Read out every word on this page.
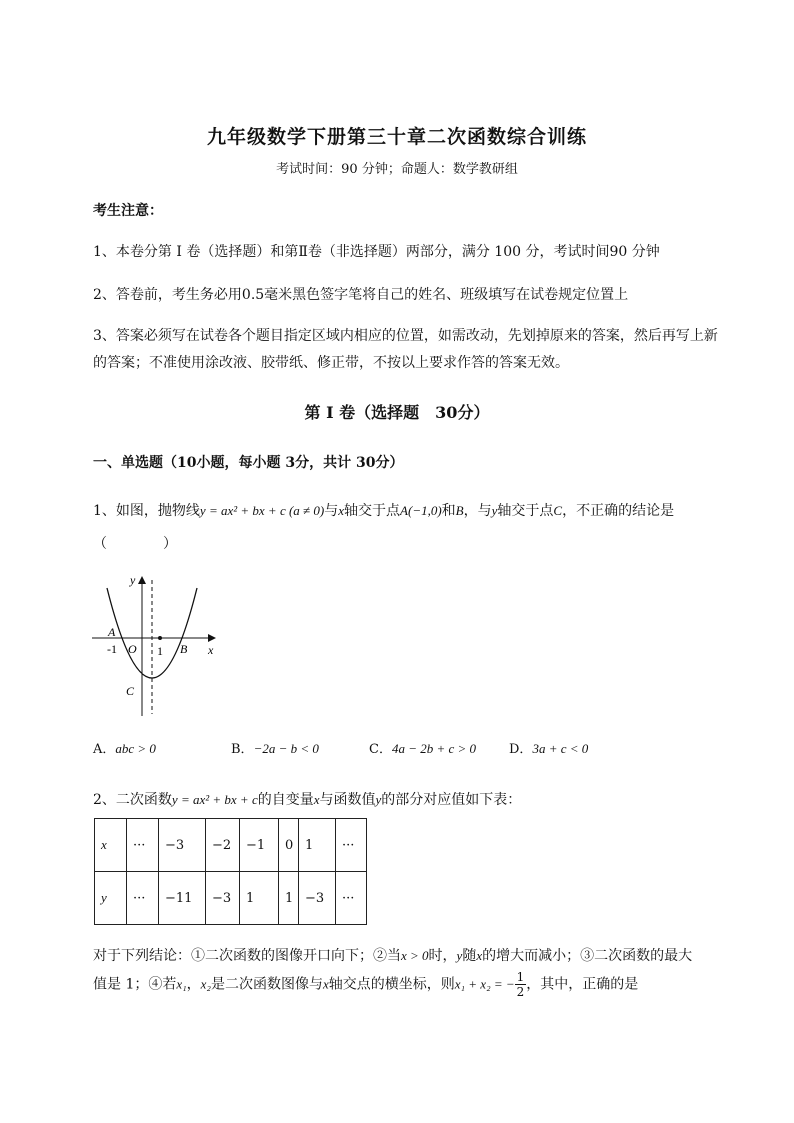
九年级数学下册第三十章二次函数综合训练
考试时间：90 分钟；命题人：数学教研组
考生注意：
1、本卷分第 I 卷（选择题）和第Ⅱ卷（非选择题）两部分，满分 100 分，考试时间90 分钟
2、答卷前，考生务必用0.5毫米黑色签字笔将自己的姓名、班级填写在试卷规定位置上
3、答案必须写在试卷各个题目指定区域内相应的位置，如需改动，先划掉原来的答案，然后再写上新
的答案；不准使用涂改液、胶带纸、修正带，不按以上要求作答的答案无效。
第 I 卷（选择题　30分）
一、单选题（10小题，每小题 3分，共计 30分）
1、如图，抛物线y = ax² + bx + c (a ≠ 0)与x轴交于点A(−1,0)和B，与y轴交于点C，不正确的结论是
（　　　　）
y
x
A
B
C
O
-1	1
A．abc > 0	B．−2a − b < 0	C．4a − 2b + c > 0	D．3a + c < 0
2、二次函数y = ax² + bx + c的自变量x与函数值y的部分对应值如下表：
x	···	−3	−2	−1	0	1	···
y	···	−11	−3	1	1	−3	···
对于下列结论：①二次函数的图像开口向下；②当x > 0时，y随x的增大而减小；③二次函数的最大
值是 1；④若x₁，x₂是二次函数图像与x轴交点的横坐标，则x₁ + x₂ = − $\frac{1}{2}$ ，其中，正确的是
